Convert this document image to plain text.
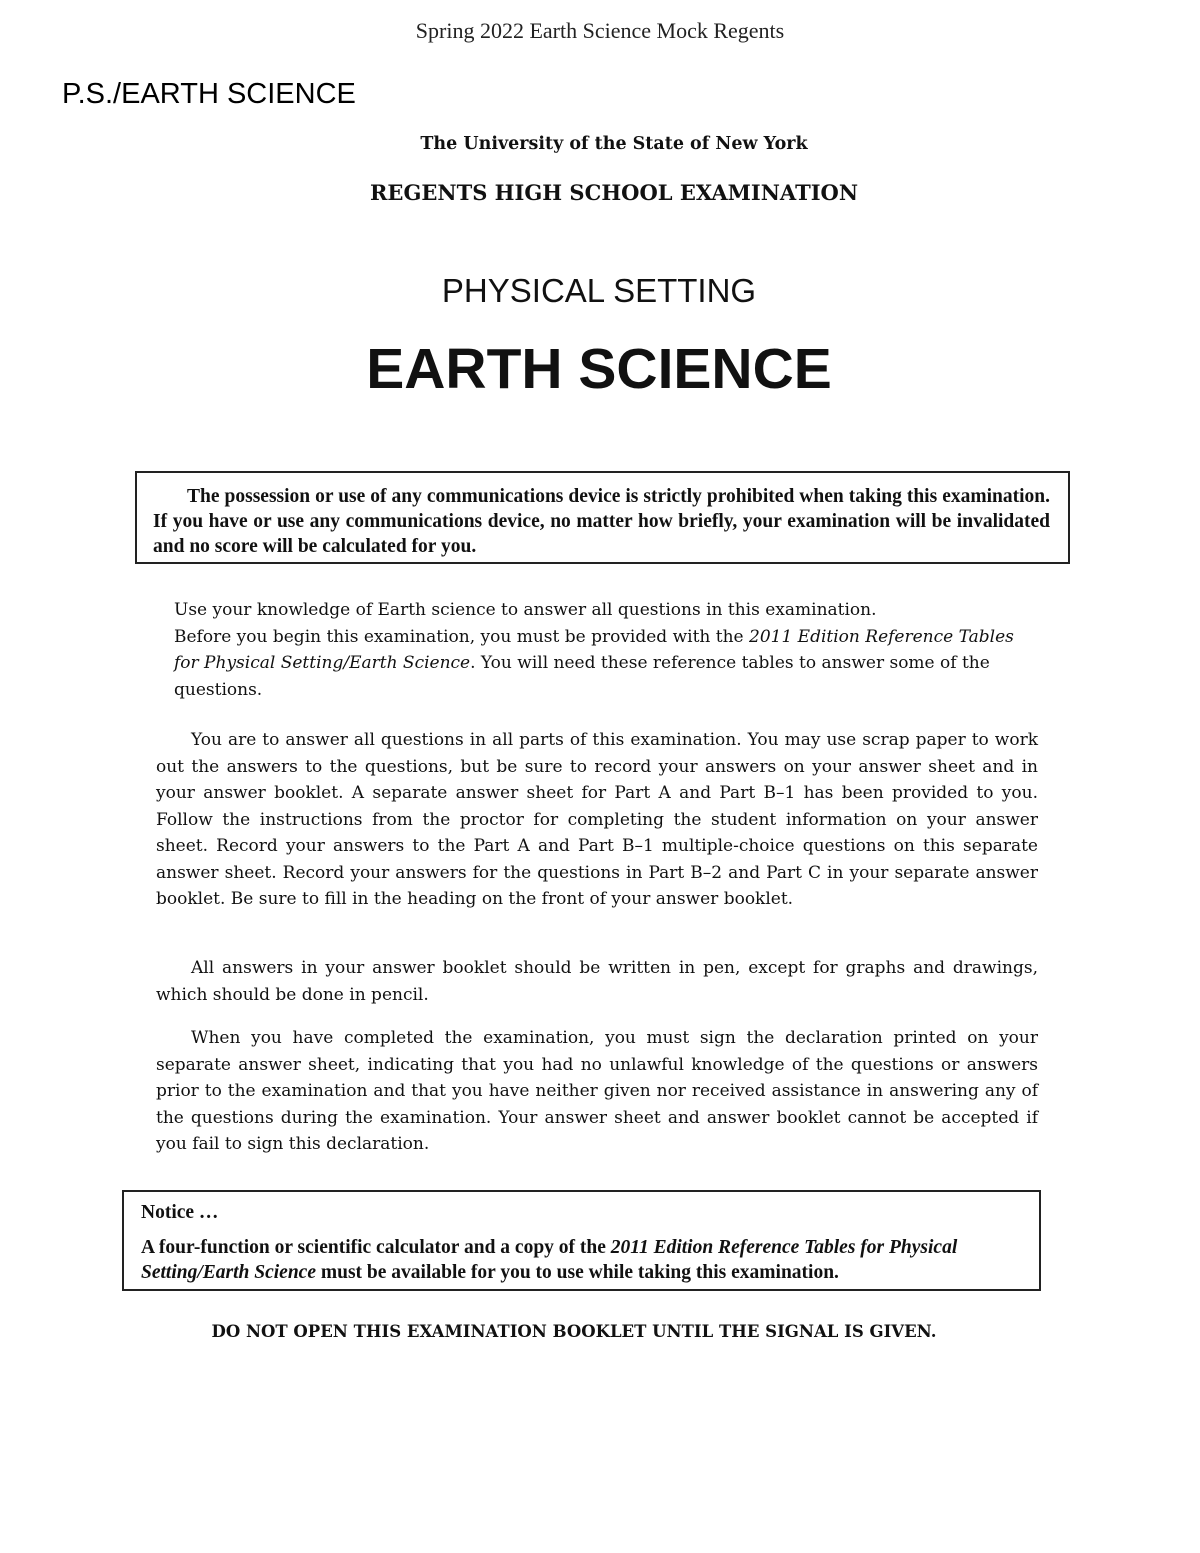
Spring 2022 Earth Science Mock Regents
P.S./EARTH SCIENCE
The University of the State of New York
REGENTS HIGH SCHOOL EXAMINATION
PHYSICAL SETTING
EARTH SCIENCE
The possession or use of any communications device is strictly prohibited when taking this examination. If you have or use any communications device, no matter how briefly, your examination will be invalidated and no score will be calculated for you.
Use your knowledge of Earth science to answer all questions in this examination.
Before you begin this examination, you must be provided with the 2011 Edition Reference Tables for Physical Setting/Earth Science. You will need these reference tables to answer some of the questions.

You are to answer all questions in all parts of this examination. You may use scrap paper to work out the answers to the questions, but be sure to record your answers on your answer sheet and in your answer booklet. A separate answer sheet for Part A and Part B–1 has been provided to you. Follow the instructions from the proctor for completing the student information on your answer sheet. Record your answers to the Part A and Part B–1 multiple-choice questions on this separate answer sheet. Record your answers for the questions in Part B–2 and Part C in your separate answer booklet. Be sure to fill in the heading on the front of your answer booklet.

All answers in your answer booklet should be written in pen, except for graphs and drawings, which should be done in pencil.

When you have completed the examination, you must sign the declaration printed on your separate answer sheet, indicating that you had no unlawful knowledge of the questions or answers prior to the examination and that you have neither given nor received assistance in answering any of the questions during the examination. Your answer sheet and answer booklet cannot be accepted if you fail to sign this declaration.

Notice …
A four-function or scientific calculator and a copy of the 2011 Edition Reference Tables for Physical Setting/Earth Science must be available for you to use while taking this examination.
DO NOT OPEN THIS EXAMINATION BOOKLET UNTIL THE SIGNAL IS GIVEN.
